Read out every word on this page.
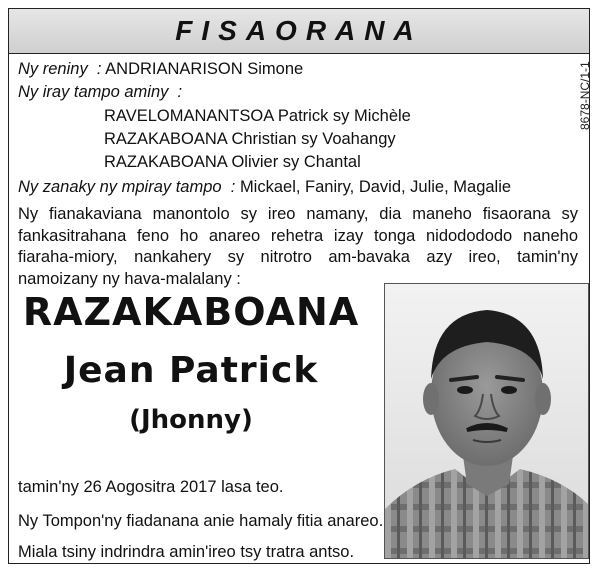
FISAORANA
Ny reniny  : ANDRIANARISON Simone
Ny iray tampo aminy  :
RAVELOMANANTSOA Patrick sy Michèle
RAZAKABOANA Christian sy Voahangy
RAZAKABOANA Olivier sy Chantal
Ny zanaky ny mpiray tampo  : Mickael, Faniry, David, Julie, Magalie
Ny fianakaviana manontolo sy ireo namany, dia maneho fisaorana sy fankasitrahana feno ho anareo rehetra izay tonga nidodododo naneho fiaraha-miory, nankahery sy nitrotro am-bavaka azy ireo, tamin'ny namoizany ny hava-malalany :
8678-NC/1-1
RAZAKABOANA
Jean Patrick
(Jhonny)
tamin'ny 26 Aogositra 2017 lasa teo.
Ny Tompon'ny fiadanana anie hamaly fitia anareo.
Miala tsiny indrindra amin'ireo tsy tratra antso.
